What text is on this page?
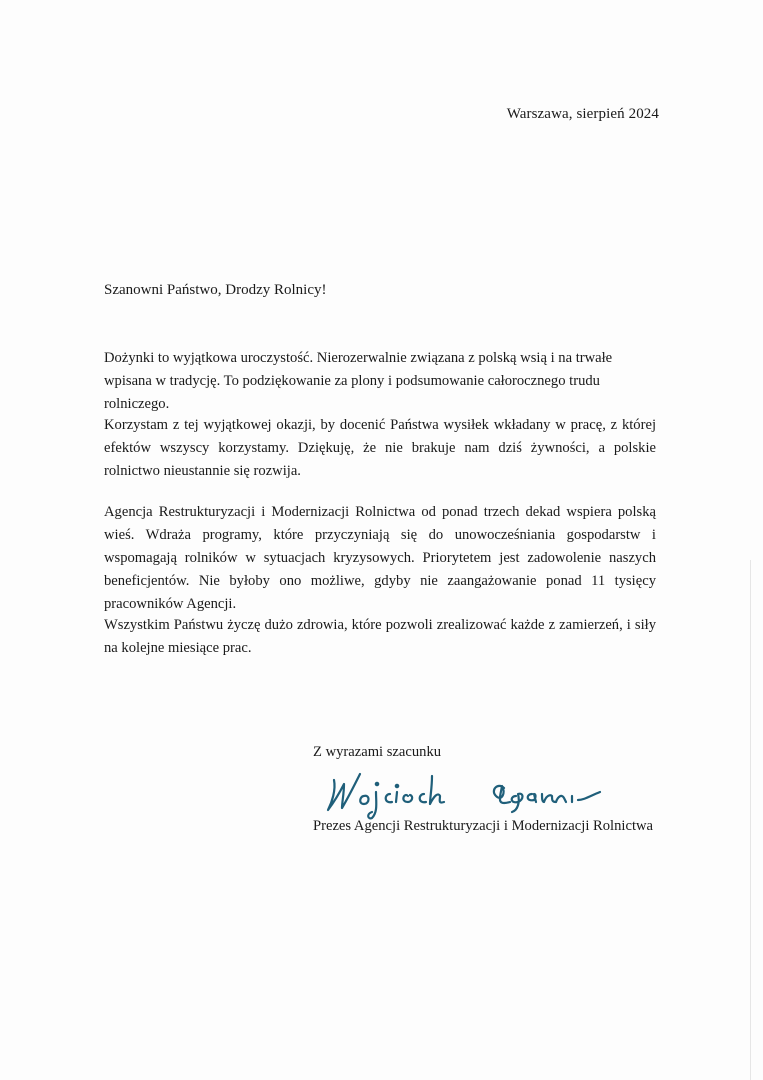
Warszawa, sierpień 2024
Szanowni Państwo, Drodzy Rolnicy!

Dożynki to wyjątkowa uroczystość. Nierozerwalnie związana z polską wsią i na trwałe wpisana w tradycję. To podziękowanie za plony i podsumowanie całorocznego trudu rolniczego.

Korzystam z tej wyjątkowej okazji, by docenić Państwa wysiłek wkładany w pracę, z której efektów wszyscy korzystamy. Dziękuję, że nie brakuje nam dziś żywności, a polskie rolnictwo nieustannie się rozwija.

Agencja Restrukturyzacji i Modernizacji Rolnictwa od ponad trzech dekad wspiera polską wieś. Wdraża programy, które przyczyniają się do unowocześniania gospodarstw i wspomagają rolników w sytuacjach kryzysowych. Priorytetem jest zadowolenie naszych beneficjentów. Nie byłoby ono możliwe, gdyby nie zaangażowanie ponad 11 tysięcy pracowników Agencji.

Wszystkim Państwu życzę dużo zdrowia, które pozwoli zrealizować każde z zamierzeń, i siły na kolejne miesiące prac.

Z wyrazami szacunku
Prezes Agencji Restrukturyzacji i Modernizacji Rolnictwa
